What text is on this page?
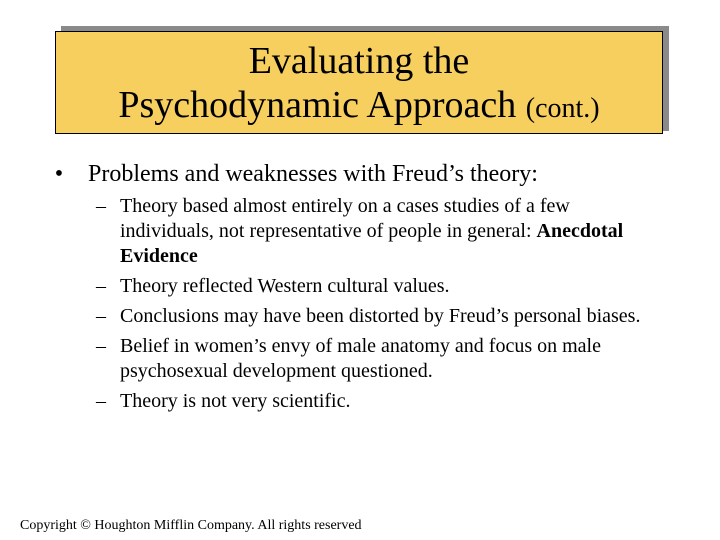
Evaluating the
Psychodynamic Approach (cont.)
• Problems and weaknesses with Freud’s theory:
– Theory based almost entirely on a cases studies of a few individuals, not representative of people in general: Anecdotal Evidence
– Theory reflected Western cultural values.
– Conclusions may have been distorted by Freud’s personal biases.
– Belief in women’s envy of male anatomy and focus on male psychosexual development questioned.
– Theory is not very scientific.
Copyright © Houghton Mifflin Company. All rights reserved
